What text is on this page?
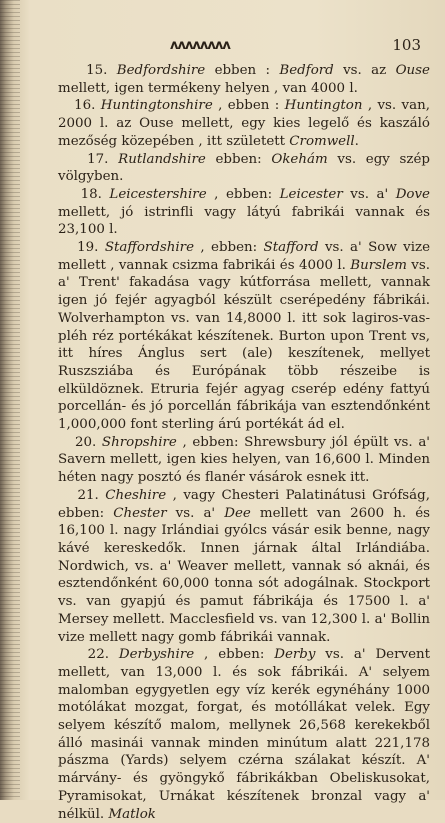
ʌʌʌʌʌʌʌʌ	103

15. Bedfordshire ebben : Bedford vs. az Ouse mellett, igen termékeny helyen , van 4000 l.

16. Huntingtonshire , ebben : Huntington , vs. van, 2000 l. az Ouse mellett, egy kies legelő és kaszáló mezőség közepében , itt született Cromwell.

17. Rutlandshire ebben: Okehám vs. egy szép völgyben.

18. Leicestershire , ebben: Leicester vs. a' Dove mellett, jó istrinfli vagy látyú fabrikái vannak és 23,100 l.

19. Staffordshire , ebben: Stafford vs. a' Sow vize mellett , vannak csizma fabrikái és 4000 l. Burslem vs. a' Trent' fakadása vagy kútforrása mellett, vannak igen jó fejér agyagból készült cserépedény fábrikái. Wolverhampton vs. van 14,8000 l. itt sok lagiros-vas-pléh réz portékákat készítenek. Burton upon Trent vs, itt híres Ánglus sert (ale) keszítenek, mellyet Ruszsziába és Európának több részeibe is elküldöznek. Etruria fejér agyag cserép edény fattyú porcellán- és jó porcellán fábrikája van esztendőnként 1,000,000 font sterling árú portékát ád el.

20. Shropshire , ebben: Shrewsbury jól épült vs. a' Savern mellett, igen kies helyen, van 16,600 l. Minden héten nagy posztó és flanér vásárok esnek itt.

21. Cheshire , vagy Chesteri Palatinátusi Grófság, ebben: Chester vs. a' Dee mellett van 2600 h. és 16,100 l. nagy Irlándiai gyólcs vásár esik benne, nagy kávé kereskedők. Innen járnak által Irlándiába. Nordwich, vs. a' Weaver mellett, vannak só aknái, és esztendőnként 60,000 tonna sót adogálnak. Stockport vs. van gyapjú és pamut fábrikája és 17500 l. a' Mersey mellett. Macclesfield vs. van 12,300 l. a' Bollin vize mellett nagy gomb fábrikái vannak.

22. Derbyshire , ebben: Derby vs. a' Dervent mellett, van 13,000 l. és sok fábrikái. A' selyem malomban egygyetlen egy víz kerék egynéhány 1000 motólákat mozgat, forgat, és motóllákat velek. Egy selyem készítő malom, mellynek 26,568 kerekekből álló masinái vannak minden minútum alatt 221,178 pászma (Yards) selyem czérna szálakat készít. A' márvány- és gyöngykő fábrikákban Obeliskusokat, Pyramisokat, Urnákat készítenek bronzal vagy a' nélkül. Matlok
